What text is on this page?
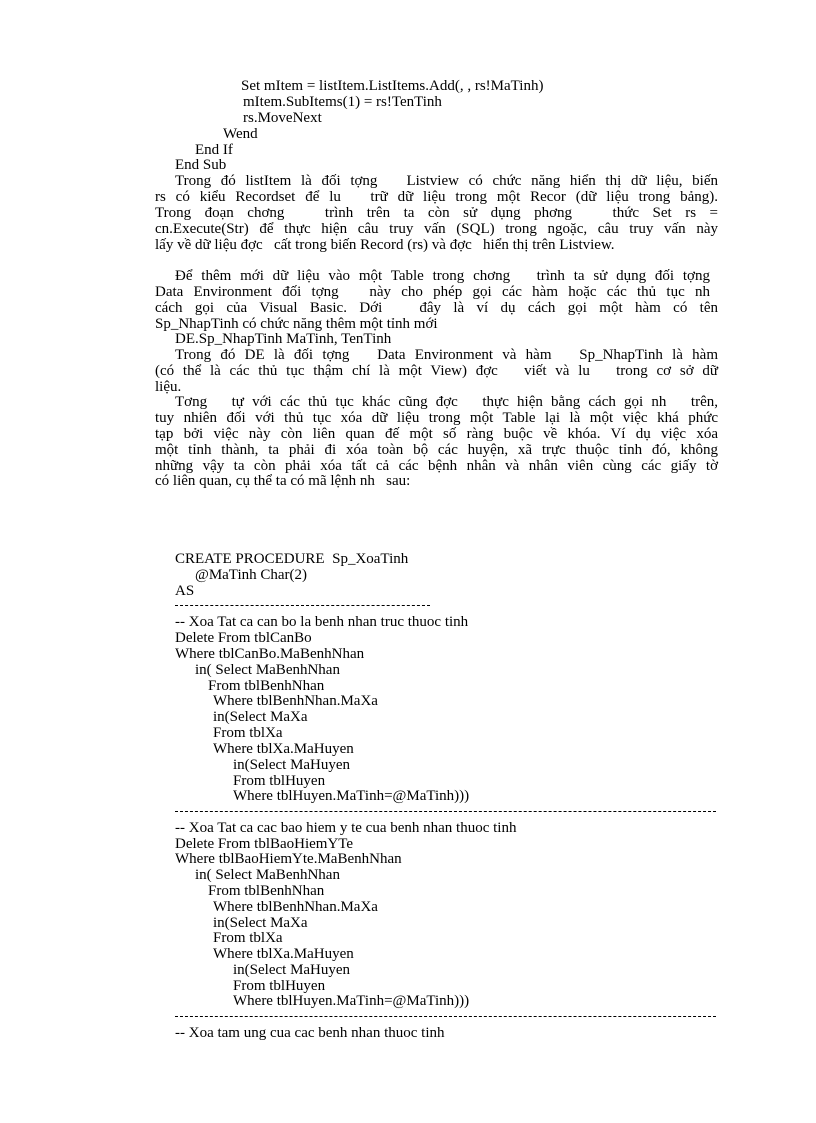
Set mItem = listItem.ListItems.Add(, , rs!MaTinh)
mItem.SubItems(1) = rs!TenTinh
rs.MoveNext
Wend
End If
End Sub
Trong đó listItem là đối tợng   Listview có chức năng hiển thị dữ liệu, biến
rs có kiểu Recordset để lu   trữ dữ liệu trong một Recor (dữ liệu trong bảng).
Trong đoạn chơng   trình trên ta còn sử dụng phơng   thức Set rs =
cn.Execute(Str) để thực hiện câu truy vấn (SQL) trong ngoặc, câu truy vấn này
lấy về dữ liệu đợc   cất trong biến Record (rs) và đợc   hiển thị trên Listview.
Để thêm mới dữ liệu vào một Table trong chơng   trình ta sử dụng đối tợng
Data Environment đối tợng   này cho phép gọi các hàm hoặc các thủ tục nh
cách gọi của Visual Basic. Dới   đây là ví dụ cách gọi một hàm có tên
Sp_NhapTinh có chức năng thêm một tỉnh mới
DE.Sp_NhapTinh MaTinh, TenTinh
Trong đó DE là đối tợng   Data Environment và hàm   Sp_NhapTinh là hàm
(có thể là các thủ tục thậm chí là một View) đợc   viết và lu   trong cơ sở dữ
liệu.
Tơng   tự với các thủ tục khác cũng đợc   thực hiện bằng cách gọi nh   trên,
tuy nhiên đối với thủ tục xóa dữ liệu trong một Table lại là một việc khá phức
tạp bởi việc này còn liên quan đế một số ràng buộc về khóa. Ví dụ việc xóa
một tỉnh thành, ta phải đi xóa toàn bộ các huyện, xã trực thuộc tỉnh đó, không
những vậy ta còn phải xóa tất cả các bệnh nhân và nhân viên cùng các giấy tờ
có liên quan, cụ thể ta có mã lệnh nh   sau:
CREATE PROCEDURE  Sp_XoaTinh
@MaTinh Char(2)
AS
-- Xoa Tat ca can bo la benh nhan truc thuoc tinh
Delete From tblCanBo
Where tblCanBo.MaBenhNhan
in( Select MaBenhNhan
From tblBenhNhan
Where tblBenhNhan.MaXa
in(Select MaXa
From tblXa
Where tblXa.MaHuyen
in(Select MaHuyen
From tblHuyen
Where tblHuyen.MaTinh=@MaTinh)))
-- Xoa Tat ca cac bao hiem y te cua benh nhan thuoc tinh
Delete From tblBaoHiemYTe
Where tblBaoHiemYte.MaBenhNhan
in( Select MaBenhNhan
From tblBenhNhan
Where tblBenhNhan.MaXa
in(Select MaXa
From tblXa
Where tblXa.MaHuyen
in(Select MaHuyen
From tblHuyen
Where tblHuyen.MaTinh=@MaTinh)))
-- Xoa tam ung cua cac benh nhan thuoc tinh
